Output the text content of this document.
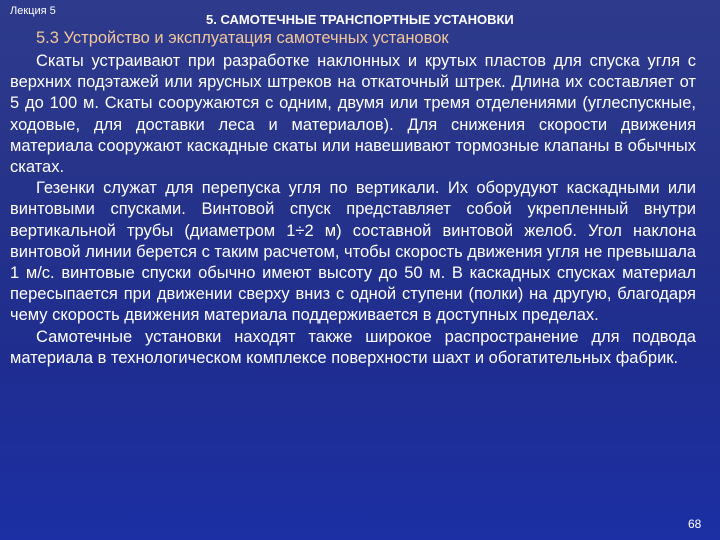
Лекция 5
5. САМОТЕЧНЫЕ ТРАНСПОРТНЫЕ УСТАНОВКИ
5.3 Устройство и эксплуатация самотечных установок

Скаты устраивают при разработке наклонных и крутых пластов для спуска угля с верхних подэтажей или ярусных штреков на откаточный штрек. Длина их составляет от 5 до 100 м. Скаты сооружаются с одним, двумя или тремя отделениями (углеспускные, ходовые, для доставки леса и материалов). Для снижения скорости движения материала сооружают каскадные скаты или навешивают тормозные клапаны в обычных скатах.

Гезенки служат для перепуска угля по вертикали. Их оборудуют каскадными или винтовыми спусками. Винтовой спуск представляет собой укрепленный внутри вертикальной трубы (диаметром 1÷2 м) составной винтовой желоб. Угол наклона винтовой линии берется с таким расчетом, чтобы скорость движения угля не превышала 1 м/с. винтовые спуски обычно имеют высоту до 50 м. В каскадных спусках материал пересыпается при движении сверху вниз с одной ступени (полки) на другую, благодаря чему скорость движения материала поддерживается в доступных пределах.

Самотечные установки находят также широкое распространение для подвода материала в технологическом комплексе поверхности шахт и обогатительных фабрик.

68
